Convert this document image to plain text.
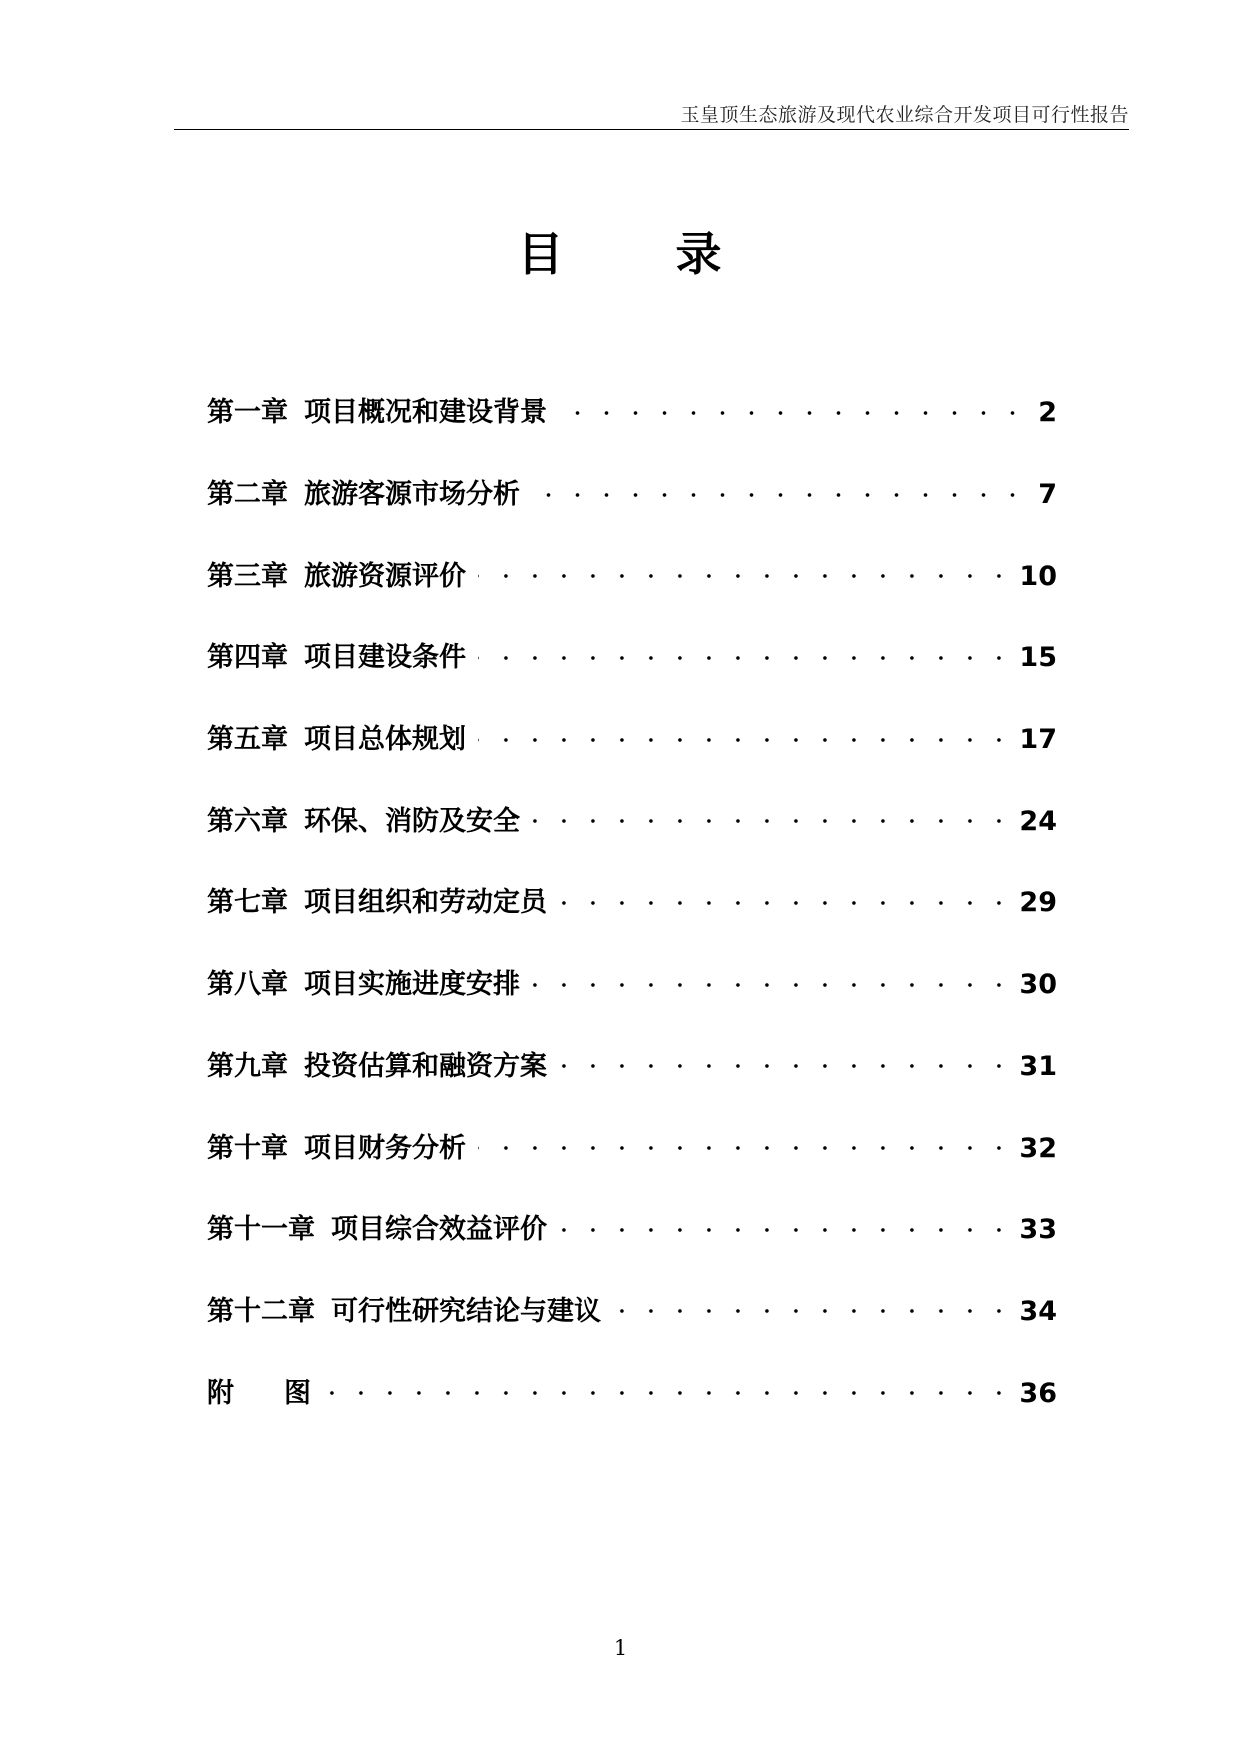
玉皇顶生态旅游及现代农业综合开发项目可行性报告
目 录
第一章 项目概况和建设背景	2
第二章 旅游客源市场分析	7
第三章 旅游资源评价	10
第四章 项目建设条件	15
第五章 项目总体规划	17
第六章 环保、消防及安全	24
第七章 项目组织和劳动定员	29
第八章 项目实施进度安排	30
第九章 投资估算和融资方案	31
第十章 项目财务分析	32
第十一章 项目综合效益评价	33
第十二章 可行性研究结论与建议	34
附 图	36
1
